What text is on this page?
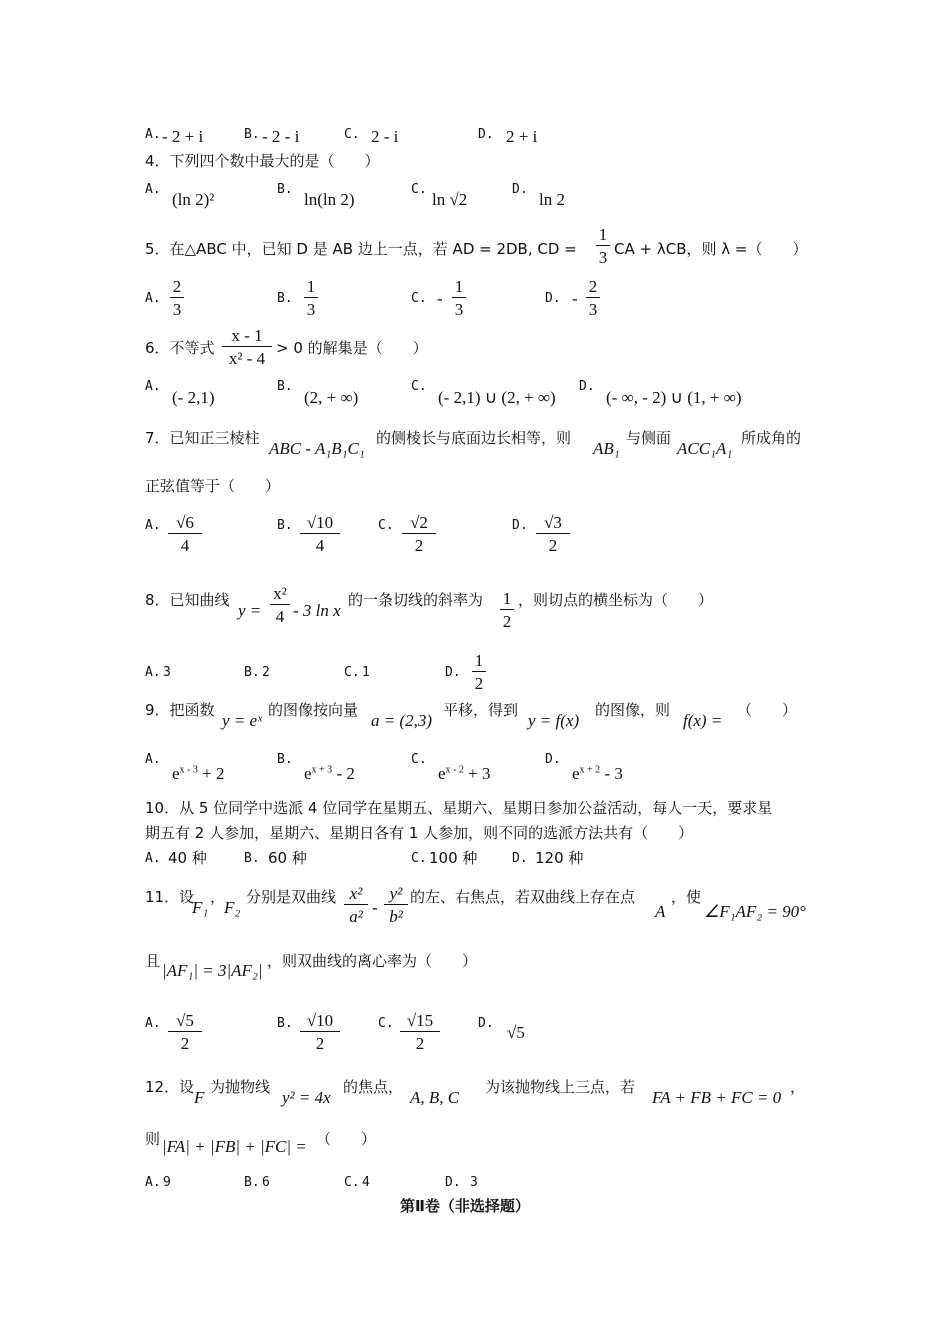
A. - 2 + i	B. - 2 - i	C. 2 - i	D. 2 + i
4．下列四个数中最大的是（　　）
A.
(ln 2)²
B.
ln(ln 2)
C.
ln √2
D.
ln 2
5．在△ABC 中，已知 D 是 AB 边上一点，若 AD = 2DB, CD = $\frac{1}{3}$ CA + λCB，则 λ =（　　）
A. $\frac{2}{3}$	B. $\frac{1}{3}$	C. - $\frac{1}{3}$	D. - $\frac{2}{3}$
6．不等式 $\frac{x - 1}{\text{x² - 4}} > 0$ 的解集是（　　）
A.
(- 2,1)
B.
(2, + ∞)
C.
(- 2,1) ∪ (2, + ∞)
D.
(- ∞, - 2) ∪ (1, + ∞)
7．已知正三棱柱
ABC - A₁B₁C₁
的侧棱长与底面边长相等，则
AB₁
与侧面
ACC₁A₁
所成角的
正弦值等于（　　）
A. $\frac{√6}{4}$	B. $\frac{√10}{4}$	C. $\frac{√2}{2}$	D. $\frac{√3}{2}$
8．已知曲线
$y = \frac{\text{x²}}{4} - 3$ ln x
的一条切线的斜率为 $\frac{1}{2}$ ，则切点的横坐标为（　　）
A. 3	B. 2	C. 1	D. $\frac{1}{2}$
9．把函数
y = eˣ
的图像按向量
a = (2,3)
平移，得到
y = f(x)
的图像，则
f(x) =
（　　）
A.
$e^{x - 3} + 2$
B.
$e^{x + 3} - 2$
C.
$e^{x - 2} + 3$
D.
$e^{x + 2} - 3$
10．从 5 位同学中选派 4 位同学在星期五、星期六、星期日参加公益活动，每人一天，要求星
期五有 2 人参加，星期六、星期日各有 1 人参加，则不同的选派方法共有（　　）
A. 40 种	B. 60 种	C. 100 种	D. 120 种
11．设
F₁
，
F₂
分别是双曲线 $\frac{\text{x²}}{\text{a²}} - \frac{\text{y²}}{\text{b²}}$ 的左、右焦点，若双曲线上存在点
A
，使
∠F₁AF₂ = 90°
且 |AF₁| = 3|AF₂| ，则双曲线的离心率为（　　）
A. $\frac{√5}{2}$	B. $\frac{√10}{2}$	C. $\frac{√15}{2}$	D. √5
12．设
F
为抛物线
y² = 4x
的焦点，
A, B, C
为该抛物线上三点，若
FA + FB + FC = 0
，
则 |FA| + |FB| + |FC| = （　　）
A. 9	B. 6	C. 4	D. 3
第Ⅱ卷（非选择题）
